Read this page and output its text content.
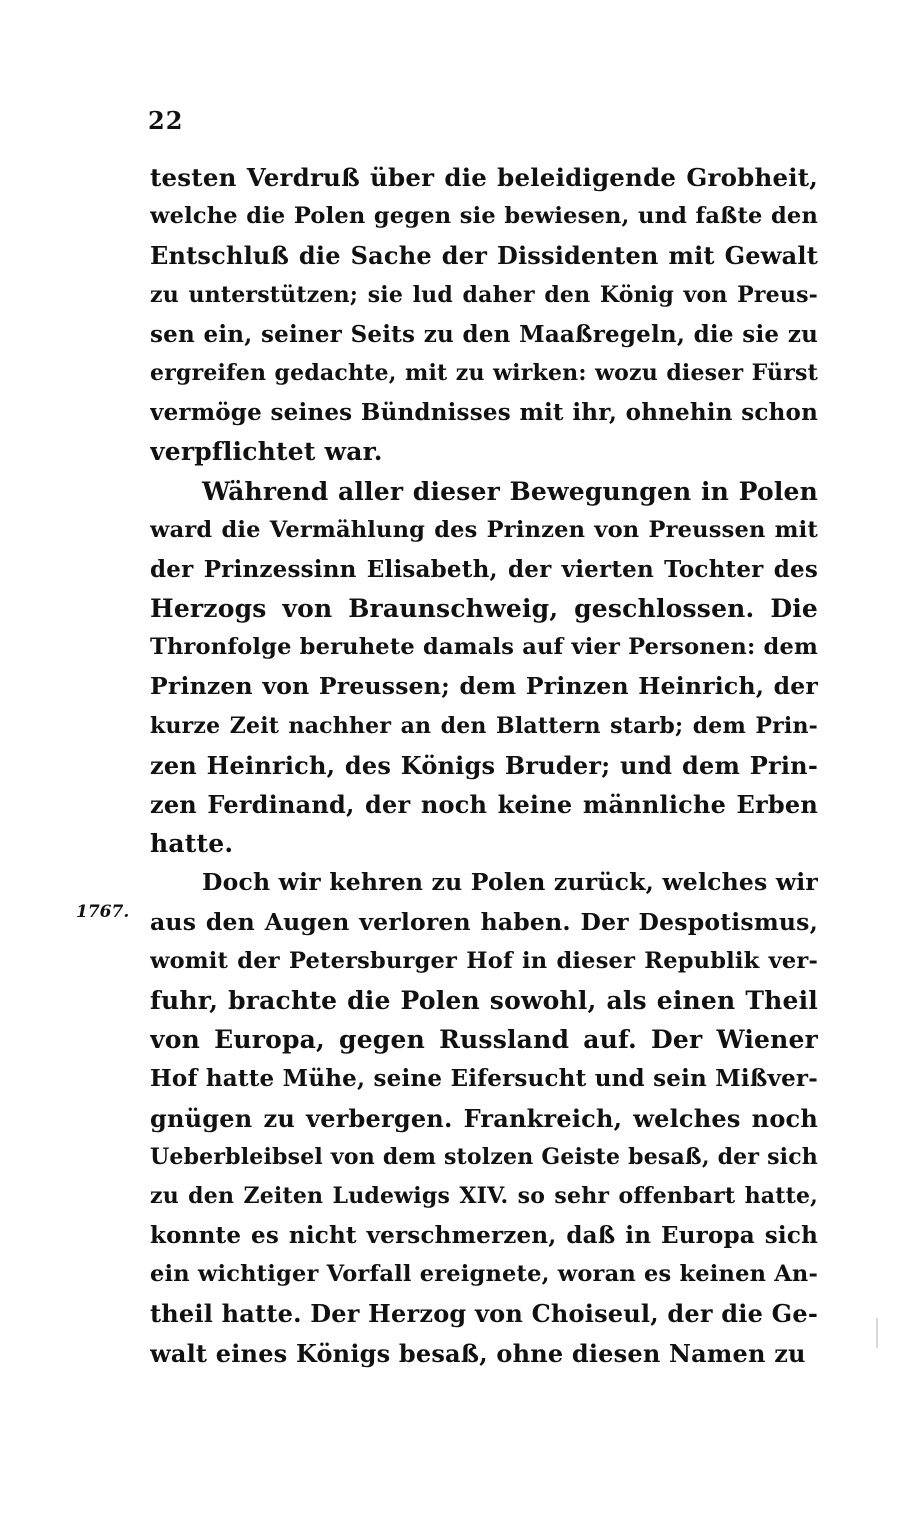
22
testen Verdruß über die beleidigende Grobheit,
welche die Polen gegen sie bewiesen, und faßte den
Entschluß die Sache der Dissidenten mit Gewalt
zu unterstützen; sie lud daher den König von Preus-
sen ein, seiner Seits zu den Maaßregeln, die sie zu
ergreifen gedachte, mit zu wirken: wozu dieser Fürst
vermöge seines Bündnisses mit ihr, ohnehin schon
verpflichtet war.
Während aller dieser Bewegungen in Polen
ward die Vermählung des Prinzen von Preussen mit
der Prinzessinn Elisabeth, der vierten Tochter des
Herzogs von Braunschweig, geschlossen. Die
Thronfolge beruhete damals auf vier Personen: dem
Prinzen von Preussen; dem Prinzen Heinrich, der
kurze Zeit nachher an den Blattern starb; dem Prin-
zen Heinrich, des Königs Bruder; und dem Prin-
zen Ferdinand, der noch keine männliche Erben
hatte.
Doch wir kehren zu Polen zurück, welches wir
aus den Augen verloren haben. Der Despotismus,
womit der Petersburger Hof in dieser Republik ver-
fuhr, brachte die Polen sowohl, als einen Theil
von Europa, gegen Russland auf. Der Wiener
Hof hatte Mühe, seine Eifersucht und sein Mißver-
gnügen zu verbergen. Frankreich, welches noch
Ueberbleibsel von dem stolzen Geiste besaß, der sich
zu den Zeiten Ludewigs XIV. so sehr offenbart hatte,
konnte es nicht verschmerzen, daß in Europa sich
ein wichtiger Vorfall ereignete, woran es keinen An-
theil hatte. Der Herzog von Choiseul, der die Ge-
walt eines Königs besaß, ohne diesen Namen zu
1767.
